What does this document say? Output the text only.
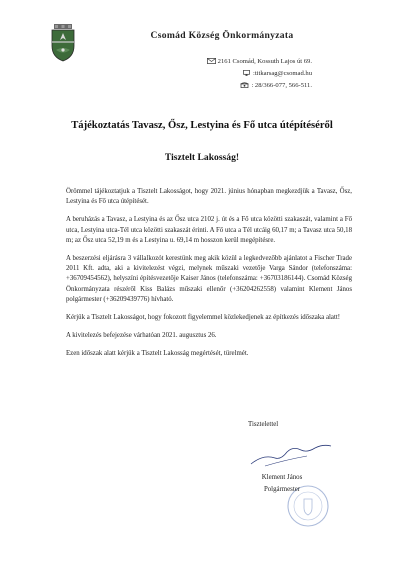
Csomád Község Önkormányzata
2161 Csomád, Kossuth Lajos út 69.
:titkarsag@csomad.hu
: 28/366-077, 566-511.
Tájékoztatás Tavasz, Ősz, Lestyina és Fő utca útépítéséről
Tisztelt Lakosság!

Örömmel tájékoztatjuk a Tisztelt Lakosságot, hogy 2021. június hónapban megkezdjük a Tavasz, Ősz, Lestyina és Fő utca útépítését.

A beruházás a Tavasz, a Lestyina és az Ősz utca 2102 j. út és a Fő utca közötti szakaszát, valamint a Fő utca, Lestyina utca-Tél utca közötti szakaszát érinti. A Fő utca a Tél utcáig 60,17 m; a Tavasz utca 50,18 m; az Ősz utca 52,19 m és a Lestyina u. 69,14 m hosszon kerül megépítésre.

A beszerzési eljárásra 3 vállalkozót kerestünk meg akik közül a legkedvezőbb ajánlatot a Fischer Trade 2011 Kft. adta, aki a kivitelezést végzi, melynek műszaki vezetője Varga Sándor (telefonszáma: +36709454562), helyszíni építésvezetője Kaiser János (telefonszáma: +36703186144). Csomád Község Önkormányzata részéről Kiss Balázs műszaki ellenőr (+36204262558) valamint Klement János polgármester (+36209439776) hívható.

Kérjük a Tisztelt Lakosságot, hogy fokozott figyelemmel közlekedjenek az építkezés időszaka alatt!

A kivitelezés befejezése várhatóan 2021. augusztus 26.

Ezen időszak alatt kérjük a Tisztelt Lakosság megértését, türelmét.

Tisztelettel
Klement János
Polgármester
